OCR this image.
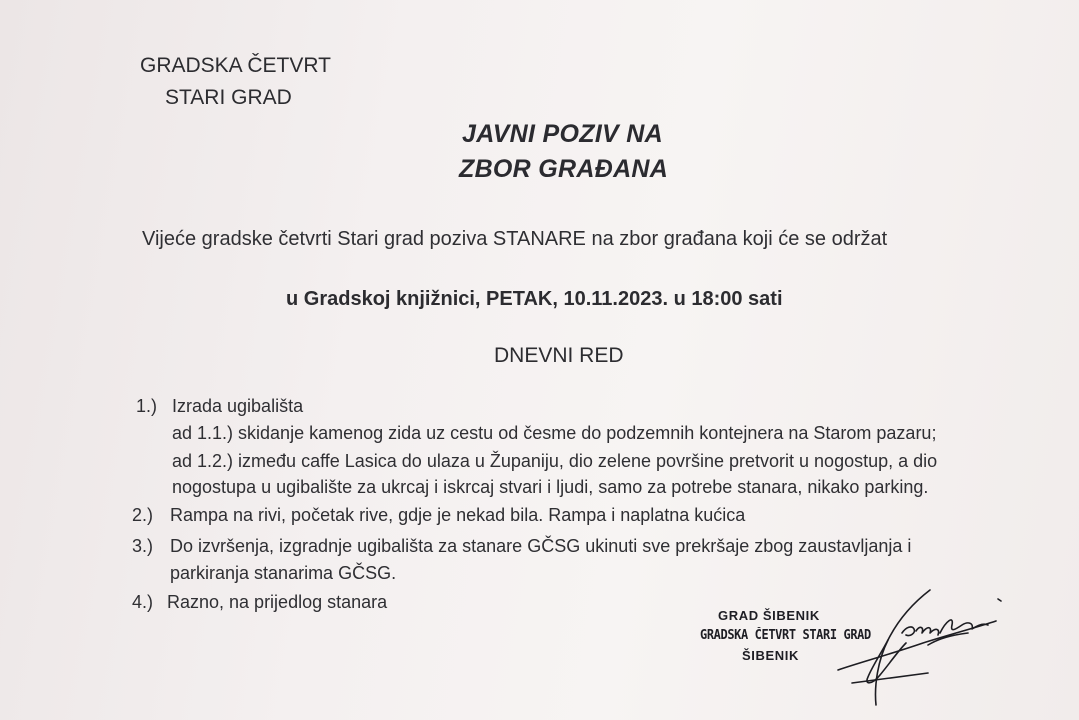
GRADSKA ČETVRT
STARI GRAD
JAVNI POZIV NA
ZBOR GRAĐANA
Vijeće gradske četvrti Stari grad poziva STANARE na zbor građana koji će se održat
u Gradskoj knjižnici, PETAK, 10.11.2023. u 18:00 sati
DNEVNI RED
1.) Izrada ugibališta
ad 1.1.) skidanje kamenog zida uz cestu od česme do podzemnih kontejnera na Starom pazaru;
ad 1.2.) između caffe Lasica do ulaza u Županiju, dio zelene površine pretvorit u nogostup, a dio
nogostupa u ugibalište za ukrcaj i iskrcaj stvari i ljudi, samo za potrebe stanara, nikako parking.
2.) Rampa na rivi, početak rive, gdje je nekad bila. Rampa i naplatna kućica
3.) Do izvršenja, izgradnje ugibališta za stanare GČSG ukinuti sve prekršaje zbog zaustavljanja i
parkiranja stanarima GČSG.
4.) Razno, na prijedlog stanara
GRAD ŠIBENIK
GRADSKA ČETVRT STARI GRAD
ŠIBENIK
